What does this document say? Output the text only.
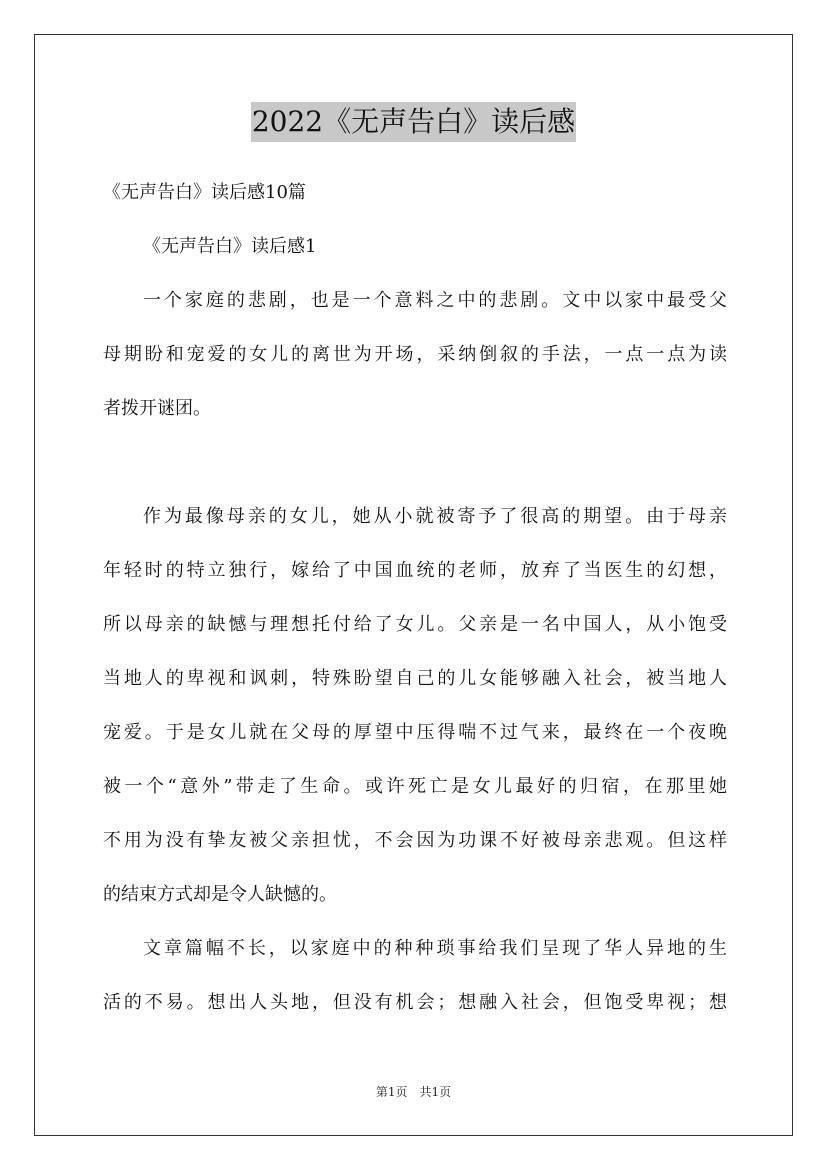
2022《无声告白》读后感
《无声告白》读后感10篇
《无声告白》读后感1
一个家庭的悲剧，也是一个意料之中的悲剧。文中以家中最受父
母期盼和宠爱的女儿的离世为开场，采纳倒叙的手法，一点一点为读
者拨开谜团。
作为最像母亲的女儿，她从小就被寄予了很高的期望。由于母亲
年轻时的特立独行，嫁给了中国血统的老师，放弃了当医生的幻想，
所以母亲的缺憾与理想托付给了女儿。父亲是一名中国人，从小饱受
当地人的卑视和讽刺，特殊盼望自己的儿女能够融入社会，被当地人
宠爱。于是女儿就在父母的厚望中压得喘不过气来，最终在一个夜晚
被一个“意外”带走了生命。或许死亡是女儿最好的归宿，在那里她
不用为没有挚友被父亲担忧，不会因为功课不好被母亲悲观。但这样
的结束方式却是令人缺憾的。
文章篇幅不长，以家庭中的种种琐事给我们呈现了华人异地的生
活的不易。想出人头地，但没有机会；想融入社会，但饱受卑视；想
第1页　共1页
